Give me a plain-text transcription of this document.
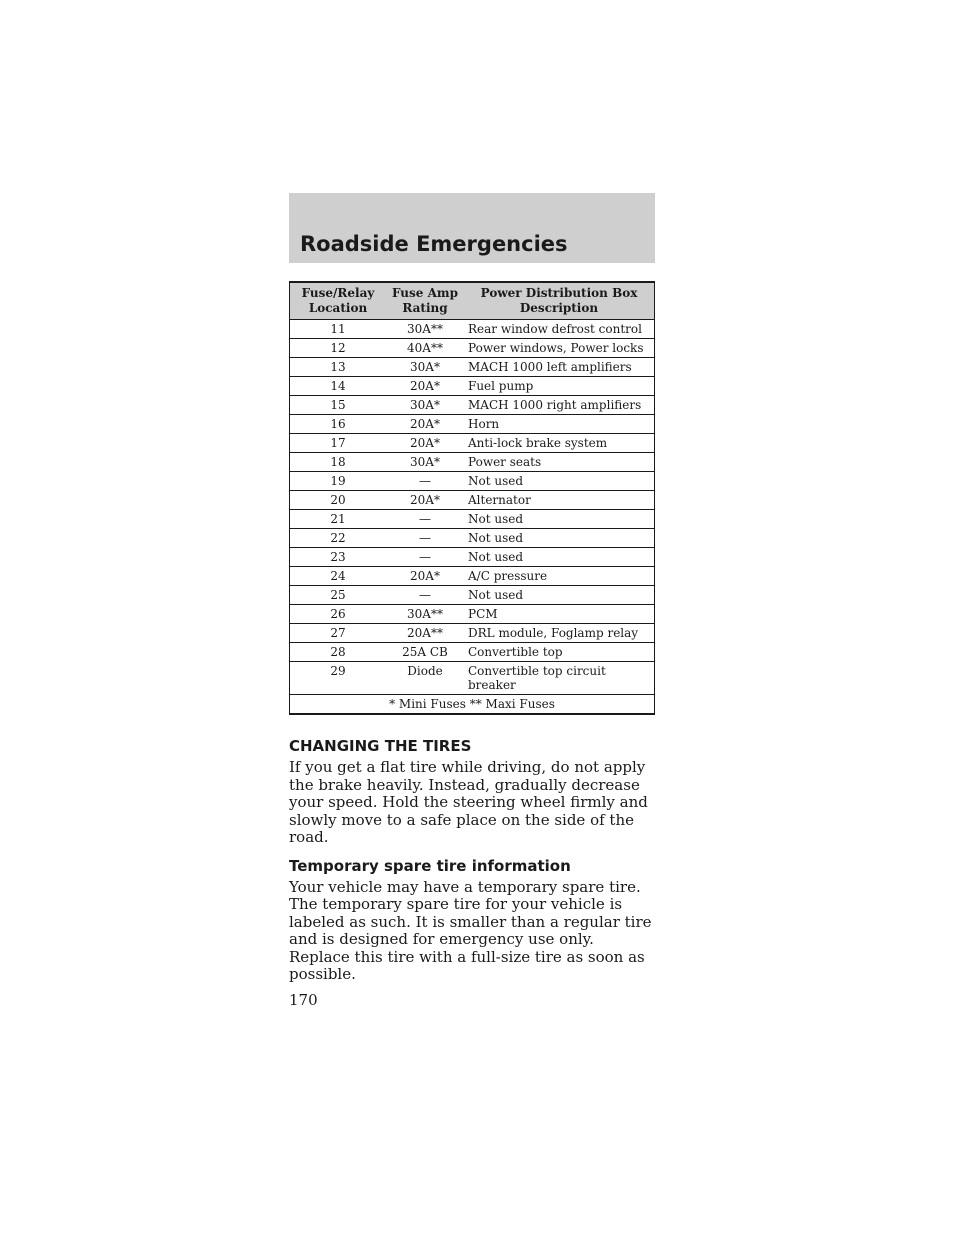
Roadside Emergencies
Fuse/Relay Location	Fuse Amp Rating	Power Distribution Box Description
11	30A**	Rear window defrost control
12	40A**	Power windows, Power locks
13	30A*	MACH 1000 left amplifiers
14	20A*	Fuel pump
15	30A*	MACH 1000 right amplifiers
16	20A*	Horn
17	20A*	Anti-lock brake system
18	30A*	Power seats
19	—	Not used
20	20A*	Alternator
21	—	Not used
22	—	Not used
23	—	Not used
24	20A*	A/C pressure
25	—	Not used
26	30A**	PCM
27	20A**	DRL module, Foglamp relay
28	25A CB	Convertible top
29	Diode	Convertible top circuit breaker
* Mini Fuses ** Maxi Fuses		
CHANGING THE TIRES

If you get a flat tire while driving, do not apply the brake heavily. Instead, gradually decrease your speed. Hold the steering wheel firmly and slowly move to a safe place on the side of the road.

Temporary spare tire information

Your vehicle may have a temporary spare tire. The temporary spare tire for your vehicle is labeled as such. It is smaller than a regular tire and is designed for emergency use only. Replace this tire with a full-size tire as soon as possible.

170
